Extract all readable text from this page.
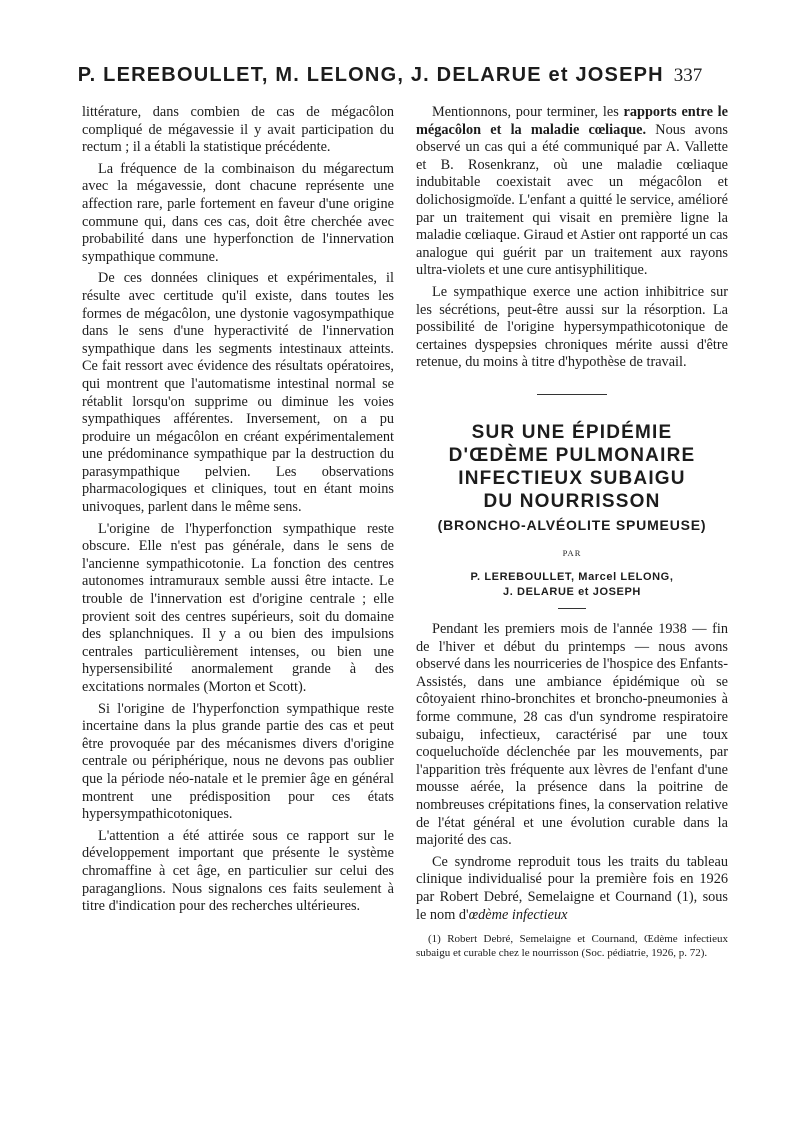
P. LEREBOULLET, M. LELONG, J. DELARUE et JOSEPH 337

littérature, dans combien de cas de mégacôlon compliqué de mégavessie il y avait participation du rectum ; il a établi la statistique précédente.

La fréquence de la combinaison du mégarectum avec la mégavessie, dont chacune représente une affection rare, parle fortement en faveur d'une origine commune qui, dans ces cas, doit être cherchée avec probabilité dans une hyperfonction de l'innervation sympathique commune.

De ces données cliniques et expérimentales, il résulte avec certitude qu'il existe, dans toutes les formes de mégacôlon, une dystonie vagosympathique dans le sens d'une hyperactivité de l'innervation sympathique dans les segments intestinaux atteints. Ce fait ressort avec évidence des résultats opératoires, qui montrent que l'automatisme intestinal normal se rétablit lorsqu'on supprime ou diminue les voies sympathiques afférentes. Inversement, on a pu produire un mégacôlon en créant expérimentalement une prédominance sympathique par la destruction du parasympathique pelvien. Les observations pharmacologiques et cliniques, tout en étant moins univoques, parlent dans le même sens.

L'origine de l'hyperfonction sympathique reste obscure. Elle n'est pas générale, dans le sens de l'ancienne sympathicotonie. La fonction des centres autonomes intramuraux semble aussi être intacte. Le trouble de l'innervation est d'origine centrale ; elle provient soit des centres supérieurs, soit du domaine des splanchniques. Il y a ou bien des impulsions centrales particulièrement intenses, ou bien une hypersensibilité anormalement grande à des excitations normales (Morton et Scott).

Si l'origine de l'hyperfonction sympathique reste incertaine dans la plus grande partie des cas et peut être provoquée par des mécanismes divers d'origine centrale ou périphérique, nous ne devons pas oublier que la période néo-natale et le premier âge en général montrent une prédisposition pour ces états hypersympathicotoniques.

L'attention a été attirée sous ce rapport sur le développement important que présente le système chromaffine à cet âge, en particulier sur celui des paraganglions. Nous signalons ces faits seulement à titre d'indication pour des recherches ultérieures.

Mentionnons, pour terminer, les rapports entre le mégacôlon et la maladie cœliaque. Nous avons observé un cas qui a été communiqué par A. Vallette et B. Rosenkranz, où une maladie cœliaque indubitable coexistait avec un mégacôlon et dolichosigmoïde. L'enfant a quitté le service, amélioré par un traitement qui visait en première ligne la maladie cœliaque. Giraud et Astier ont rapporté un cas analogue qui guérit par un traitement aux rayons ultra-violets et une cure antisyphilitique.

Le sympathique exerce une action inhibitrice sur les sécrétions, peut-être aussi sur la résorption. La possibilité de l'origine hypersympathicotonique de certaines dyspepsies chroniques mérite aussi d'être retenue, du moins à titre d'hypothèse de travail.

SUR UNE ÉPIDÉMIE
D'ŒDÈME PULMONAIRE
INFECTIEUX SUBAIGU
DU NOURRISSON
(BRONCHO-ALVÉOLITE SPUMEUSE)
PAR
P. LEREBOULLET, Marcel LELONG,
J. DELARUE et JOSEPH

Pendant les premiers mois de l'année 1938 — fin de l'hiver et début du printemps — nous avons observé dans les nourriceries de l'hospice des Enfants-Assistés, dans une ambiance épidémique où se côtoyaient rhino-bronchites et broncho-pneumonies à forme commune, 28 cas d'un syndrome respiratoire subaigu, infectieux, caractérisé par une toux coqueluchoïde déclenchée par les mouvements, par l'apparition très fréquente aux lèvres de l'enfant d'une mousse aérée, la présence dans la poitrine de nombreuses crépitations fines, la conservation relative de l'état général et une évolution curable dans la majorité des cas.

Ce syndrome reproduit tous les traits du tableau clinique individualisé pour la première fois en 1926 par Robert Debré, Semelaigne et Cournand (1), sous le nom d'œdème infectieux

(1) Robert Debré, Semelaigne et Cournand, Œdème infectieux subaigu et curable chez le nourrisson (Soc. pédiatrie, 1926, p. 72).
